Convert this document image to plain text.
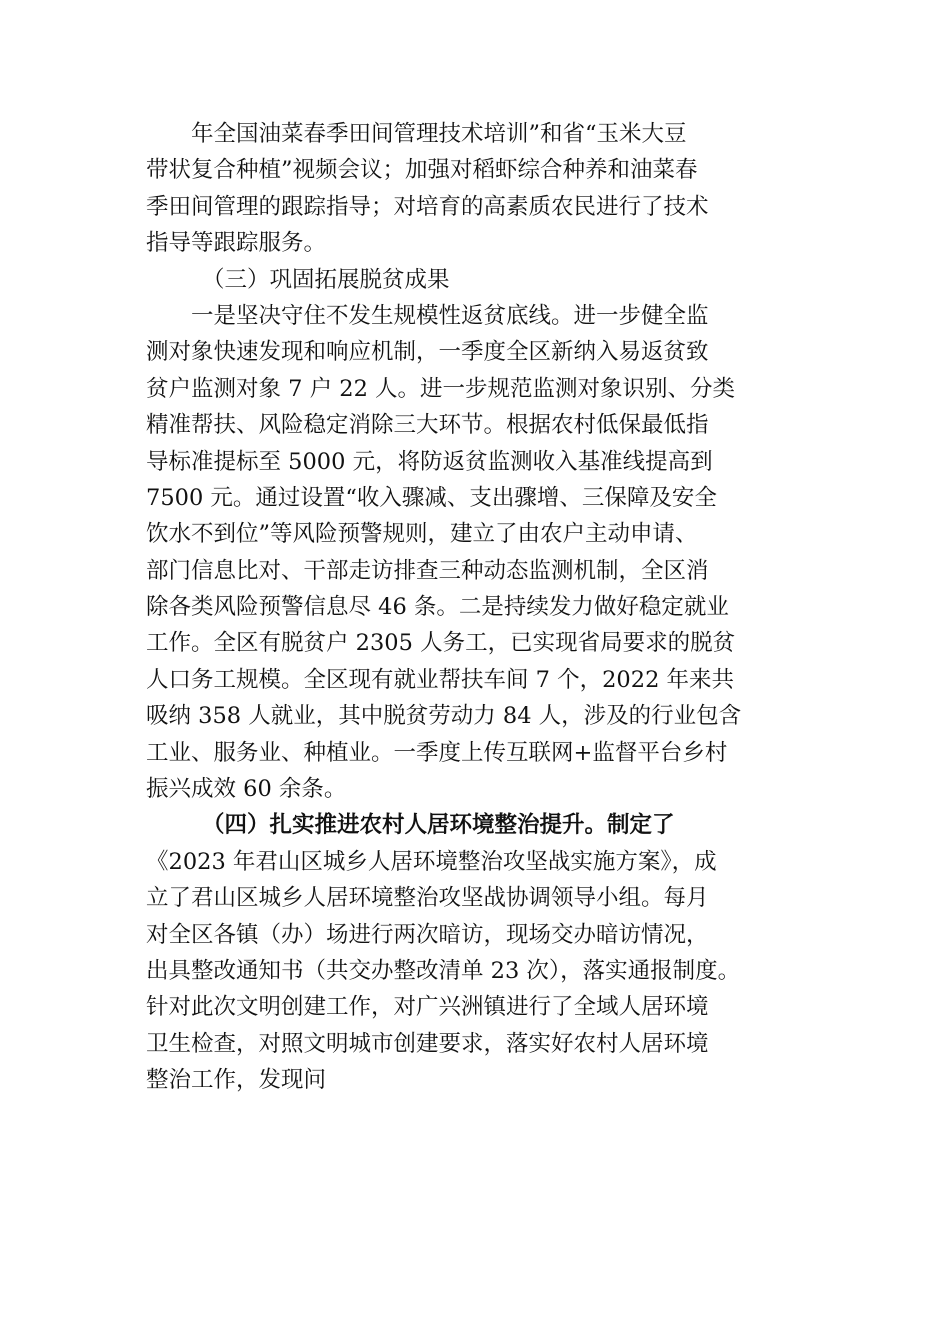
年全国油菜春季田间管理技术培训”和省“玉米大豆
带状复合种植”视频会议；加强对稻虾综合种养和油菜春
季田间管理的跟踪指导；对培育的高素质农民进行了技术
指导等跟踪服务。
（三）巩固拓展脱贫成果
一是坚决守住不发生规模性返贫底线。进一步健全监
测对象快速发现和响应机制，一季度全区新纳入易返贫致
贫户监测对象 7 户 22 人。进一步规范监测对象识别、分类
精准帮扶、风险稳定消除三大环节。根据农村低保最低指
导标准提标至 5000 元，将防返贫监测收入基准线提高到
7500 元。通过设置“收入骤减、支出骤增、三保障及安全
饮水不到位”等风险预警规则，建立了由农户主动申请、
部门信息比对、干部走访排查三种动态监测机制，全区消
除各类风险预警信息尽 46 条。二是持续发力做好稳定就业
工作。全区有脱贫户 2305 人务工，已实现省局要求的脱贫
人口务工规模。全区现有就业帮扶车间 7 个，2022 年来共
吸纳 358 人就业，其中脱贫劳动力 84 人，涉及的行业包含
工业、服务业、种植业。一季度上传互联网+监督平台乡村
振兴成效 60 余条。
（四）扎实推进农村人居环境整治提升。制定了
《2023 年君山区城乡人居环境整治攻坚战实施方案》，成
立了君山区城乡人居环境整治攻坚战协调领导小组。每月
对全区各镇（办）场进行两次暗访，现场交办暗访情况，
出具整改通知书（共交办整改清单 23 次），落实通报制度。
针对此次文明创建工作，对广兴洲镇进行了全域人居环境
卫生检查，对照文明城市创建要求，落实好农村人居环境
整治工作，发现问
